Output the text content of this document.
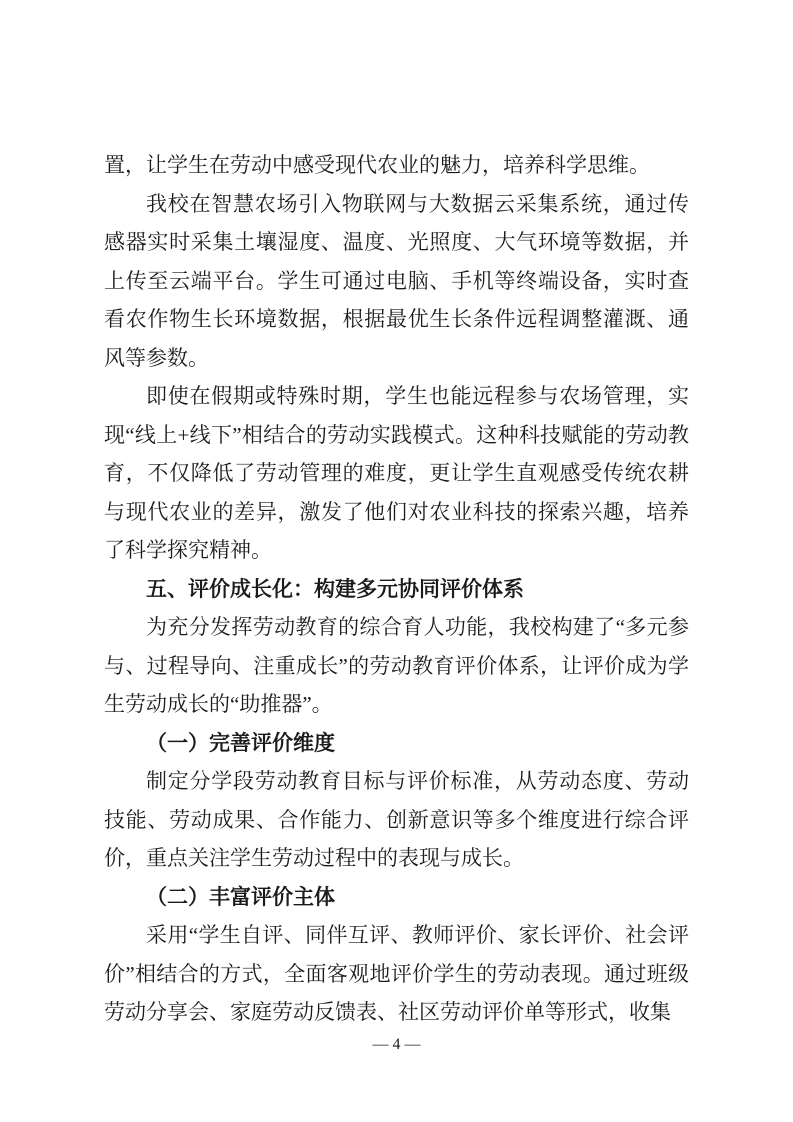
置，让学生在劳动中感受现代农业的魅力，培养科学思维。

我校在智慧农场引入物联网与大数据云采集系统，通过传感器实时采集土壤湿度、温度、光照度、大气环境等数据，并上传至云端平台。学生可通过电脑、手机等终端设备，实时查看农作物生长环境数据，根据最优生长条件远程调整灌溉、通风等参数。

即使在假期或特殊时期，学生也能远程参与农场管理，实现“线上+线下”相结合的劳动实践模式。这种科技赋能的劳动教育，不仅降低了劳动管理的难度，更让学生直观感受传统农耕与现代农业的差异，激发了他们对农业科技的探索兴趣，培养了科学探究精神。

五、评价成长化：构建多元协同评价体系

为充分发挥劳动教育的综合育人功能，我校构建了“多元参与、过程导向、注重成长”的劳动教育评价体系，让评价成为学生劳动成长的“助推器”。

（一）完善评价维度

制定分学段劳动教育目标与评价标准，从劳动态度、劳动技能、劳动成果、合作能力、创新意识等多个维度进行综合评价，重点关注学生劳动过程中的表现与成长。

（二）丰富评价主体

采用“学生自评、同伴互评、教师评价、家长评价、社会评价”相结合的方式，全面客观地评价学生的劳动表现。通过班级劳动分享会、家庭劳动反馈表、社区劳动评价单等形式，收集

— 4 —
